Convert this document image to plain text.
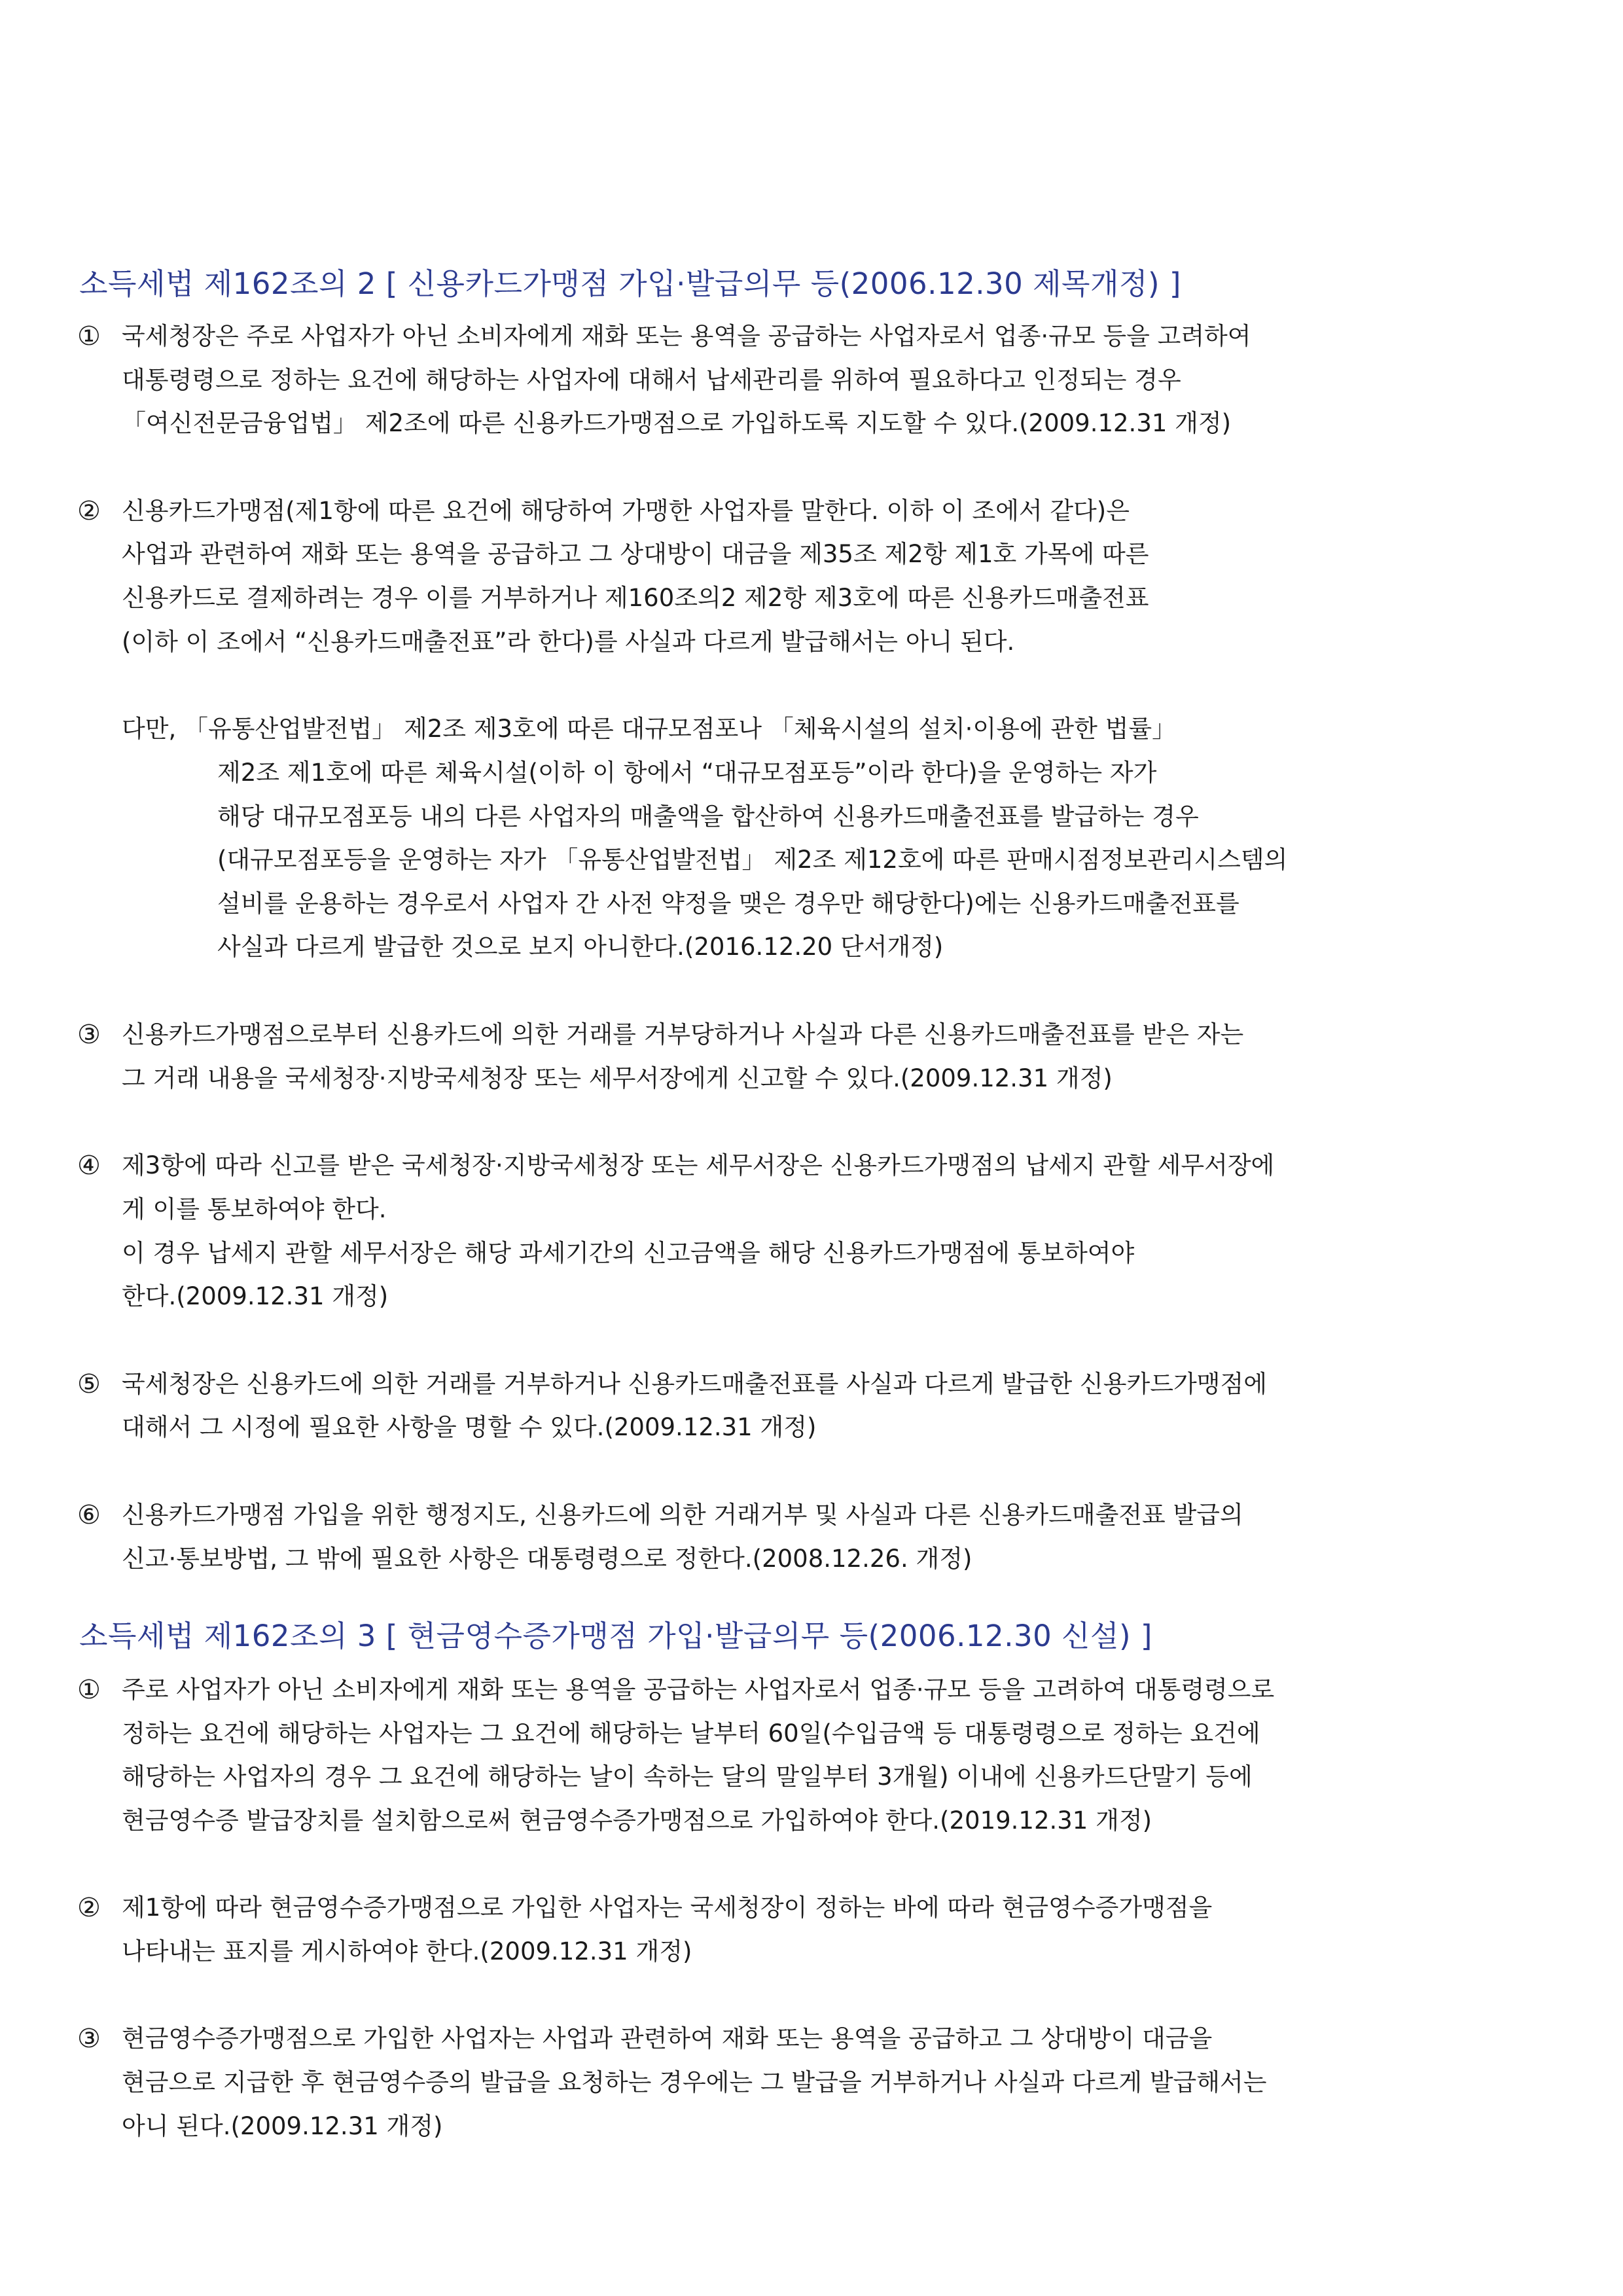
소득세법 제162조의 2 [ 신용카드가맹점 가입·발급의무 등(2006.12.30 제목개정) ]
① 국세청장은 주로 사업자가 아닌 소비자에게 재화 또는 용역을 공급하는 사업자로서 업종·규모 등을 고려하여
대통령령으로 정하는 요건에 해당하는 사업자에 대해서 납세관리를 위하여 필요하다고 인정되는 경우
「여신전문금융업법」 제2조에 따른 신용카드가맹점으로 가입하도록 지도할 수 있다.(2009.12.31 개정)
② 신용카드가맹점(제1항에 따른 요건에 해당하여 가맹한 사업자를 말한다. 이하 이 조에서 같다)은
사업과 관련하여 재화 또는 용역을 공급하고 그 상대방이 대금을 제35조 제2항 제1호 가목에 따른
신용카드로 결제하려는 경우 이를 거부하거나 제160조의2 제2항 제3호에 따른 신용카드매출전표
(이하 이 조에서 “신용카드매출전표”라 한다)를 사실과 다르게 발급해서는 아니 된다.
다만, 「유통산업발전법」 제2조 제3호에 따른 대규모점포나 「체육시설의 설치·이용에 관한 법률」
제2조 제1호에 따른 체육시설(이하 이 항에서 “대규모점포등”이라 한다)을 운영하는 자가
해당 대규모점포등 내의 다른 사업자의 매출액을 합산하여 신용카드매출전표를 발급하는 경우
(대규모점포등을 운영하는 자가 「유통산업발전법」 제2조 제12호에 따른 판매시점정보관리시스템의
설비를 운용하는 경우로서 사업자 간 사전 약정을 맺은 경우만 해당한다)에는 신용카드매출전표를
사실과 다르게 발급한 것으로 보지 아니한다.(2016.12.20 단서개정)
③ 신용카드가맹점으로부터 신용카드에 의한 거래를 거부당하거나 사실과 다른 신용카드매출전표를 받은 자는
그 거래 내용을 국세청장·지방국세청장 또는 세무서장에게 신고할 수 있다.(2009.12.31 개정)
④ 제3항에 따라 신고를 받은 국세청장·지방국세청장 또는 세무서장은 신용카드가맹점의 납세지 관할 세무서장에
게 이를 통보하여야 한다.
이 경우 납세지 관할 세무서장은 해당 과세기간의 신고금액을 해당 신용카드가맹점에 통보하여야
한다.(2009.12.31 개정)
⑤ 국세청장은 신용카드에 의한 거래를 거부하거나 신용카드매출전표를 사실과 다르게 발급한 신용카드가맹점에
대해서 그 시정에 필요한 사항을 명할 수 있다.(2009.12.31 개정)
⑥ 신용카드가맹점 가입을 위한 행정지도, 신용카드에 의한 거래거부 및 사실과 다른 신용카드매출전표 발급의
신고·통보방법, 그 밖에 필요한 사항은 대통령령으로 정한다.(2008.12.26. 개정)
소득세법 제162조의 3 [ 현금영수증가맹점 가입·발급의무 등(2006.12.30 신설) ]
① 주로 사업자가 아닌 소비자에게 재화 또는 용역을 공급하는 사업자로서 업종·규모 등을 고려하여 대통령령으로
정하는 요건에 해당하는 사업자는 그 요건에 해당하는 날부터 60일(수입금액 등 대통령령으로 정하는 요건에
해당하는 사업자의 경우 그 요건에 해당하는 날이 속하는 달의 말일부터 3개월) 이내에 신용카드단말기 등에
현금영수증 발급장치를 설치함으로써 현금영수증가맹점으로 가입하여야 한다.(2019.12.31 개정)
② 제1항에 따라 현금영수증가맹점으로 가입한 사업자는 국세청장이 정하는 바에 따라 현금영수증가맹점을
나타내는 표지를 게시하여야 한다.(2009.12.31 개정)
③ 현금영수증가맹점으로 가입한 사업자는 사업과 관련하여 재화 또는 용역을 공급하고 그 상대방이 대금을
현금으로 지급한 후 현금영수증의 발급을 요청하는 경우에는 그 발급을 거부하거나 사실과 다르게 발급해서는
아니 된다.(2009.12.31 개정)
